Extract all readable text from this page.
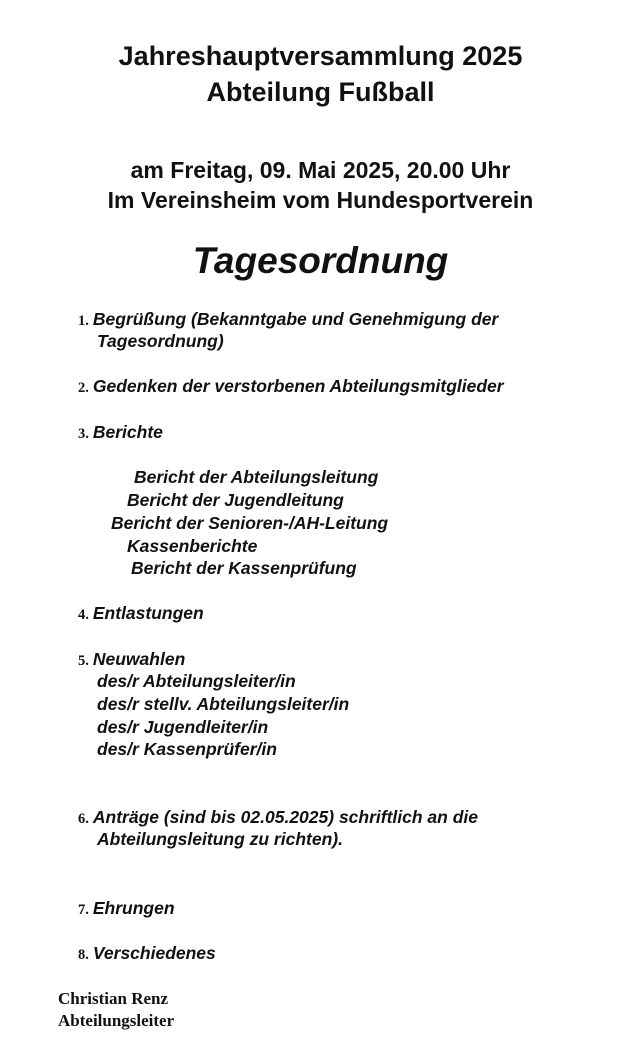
Jahreshauptversammlung 2025
Abteilung Fußball
am Freitag, 09. Mai 2025, 20.00 Uhr
Im Vereinsheim vom Hundesportverein
Tagesordnung
1. Begrüßung (Bekanntgabe und Genehmigung der
Tagesordnung)
2. Gedenken der verstorbenen Abteilungsmitglieder
3. Berichte
Bericht der Abteilungsleitung
Bericht der Jugendleitung
Bericht der Senioren-/AH-Leitung
Kassenberichte
Bericht der Kassenprüfung
4. Entlastungen
5. Neuwahlen
des/r Abteilungsleiter/in
des/r stellv. Abteilungsleiter/in
des/r Jugendleiter/in
des/r Kassenprüfer/in
6. Anträge (sind bis 02.05.2025) schriftlich an die
Abteilungsleitung zu richten).
7. Ehrungen
8. Verschiedenes
Christian Renz
Abteilungsleiter
